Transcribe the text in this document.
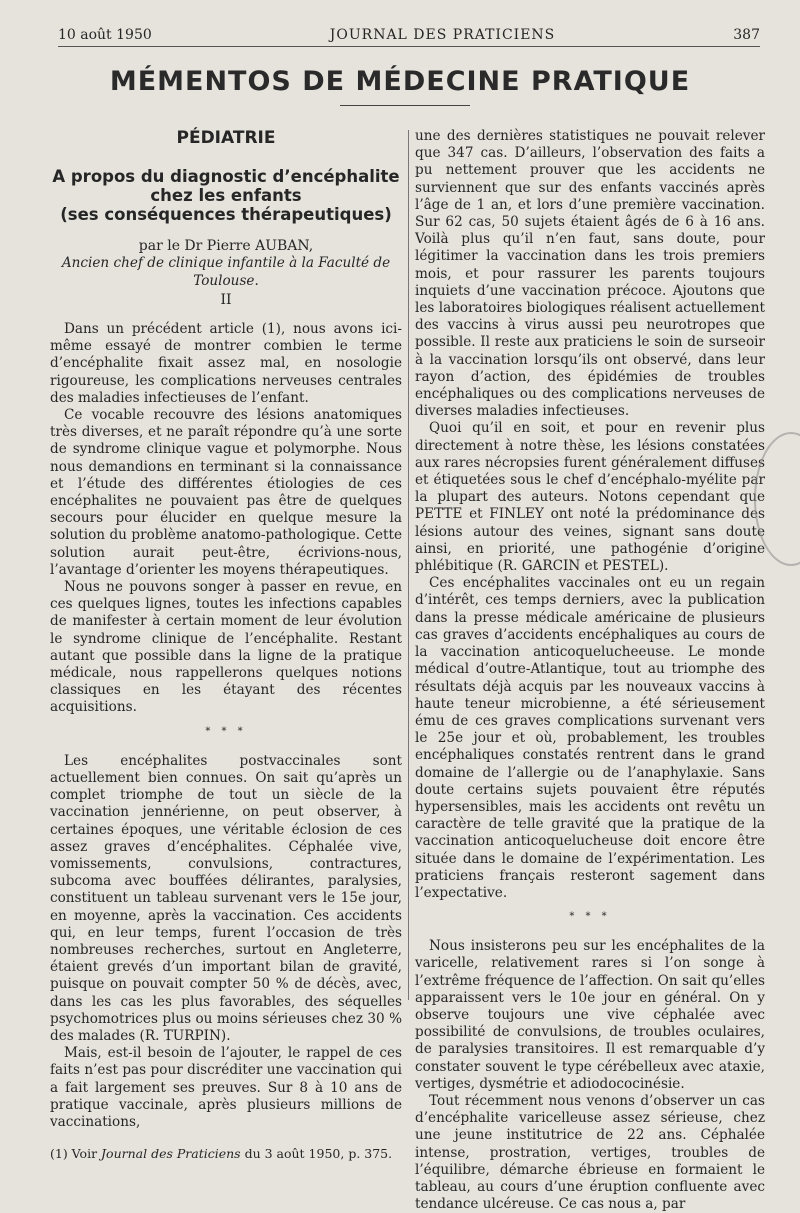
10 août 1950	JOURNAL DES PRATICIENS	387
MÉMENTOS DE MÉDECINE PRATIQUE
PÉDIATRIE
A propos du diagnostic d’encéphalite
chez les enfants
(ses conséquences thérapeutiques)

par le Dr Pierre AUBAN,

Ancien chef de clinique infantile à la Faculté de Toulouse.

II

Dans un précédent article (1), nous avons ici-même essayé de montrer combien le terme d’encéphalite fixait assez mal, en nosologie rigoureuse, les complications nerveuses centrales des maladies infectieuses de l’enfant.

Ce vocable recouvre des lésions anatomiques très diverses, et ne paraît répondre qu’à une sorte de syndrome clinique vague et polymorphe. Nous nous demandions en terminant si la connaissance et l’étude des différentes étiologies de ces encéphalites ne pouvaient pas être de quelques secours pour élucider en quelque mesure la solution du problème anatomo-pathologique. Cette solution aurait peut-être, écrivions-nous, l’avantage d’orienter les moyens thérapeutiques.

Nous ne pouvons songer à passer en revue, en ces quelques lignes, toutes les infections capables de manifester à certain moment de leur évolution le syndrome clinique de l’encéphalite. Restant autant que possible dans la ligne de la pratique médicale, nous rappellerons quelques notions classiques en les étayant des récentes acquisitions.

* * *

Les encéphalites postvaccinales sont actuellement bien connues. On sait qu’après un complet triomphe de tout un siècle de la vaccination jennérienne, on peut observer, à certaines époques, une véritable éclosion de ces assez graves d’encéphalites. Céphalée vive, vomissements, convulsions, contractures, subcoma avec bouffées délirantes, paralysies, constituent un tableau survenant vers le 15e jour, en moyenne, après la vaccination. Ces accidents qui, en leur temps, furent l’occasion de très nombreuses recherches, surtout en Angleterre, étaient grevés d’un important bilan de gravité, puisque on pouvait compter 50 % de décès, avec, dans les cas les plus favorables, des séquelles psychomotrices plus ou moins sérieuses chez 30 % des malades (R. TURPIN).

Mais, est-il besoin de l’ajouter, le rappel de ces faits n’est pas pour discréditer une vaccination qui a fait largement ses preuves. Sur 8 à 10 ans de pratique vaccinale, après plusieurs millions de vaccinations,

(1) Voir Journal des Praticiens du 3 août 1950, p. 375.

une des dernières statistiques ne pouvait relever que 347 cas. D’ailleurs, l’observation des faits a pu nettement prouver que les accidents ne surviennent que sur des enfants vaccinés après l’âge de 1 an, et lors d’une première vaccination. Sur 62 cas, 50 sujets étaient âgés de 6 à 16 ans. Voilà plus qu’il n’en faut, sans doute, pour légitimer la vaccination dans les trois premiers mois, et pour rassurer les parents toujours inquiets d’une vaccination précoce. Ajoutons que les laboratoires biologiques réalisent actuellement des vaccins à virus aussi peu neurotropes que possible. Il reste aux praticiens le soin de surseoir à la vaccination lorsqu’ils ont observé, dans leur rayon d’action, des épidémies de troubles encéphaliques ou des complications nerveuses de diverses maladies infectieuses.

Quoi qu’il en soit, et pour en revenir plus directement à notre thèse, les lésions constatées aux rares nécropsies furent généralement diffuses et étiquetées sous le chef d’encéphalo-myélite par la plupart des auteurs. Notons cependant que PETTE et FINLEY ont noté la prédominance des lésions autour des veines, signant sans doute ainsi, en priorité, une pathogénie d’origine phlébitique (R. GARCIN et PESTEL).

Ces encéphalites vaccinales ont eu un regain d’intérêt, ces temps derniers, avec la publication dans la presse médicale américaine de plusieurs cas graves d’accidents encéphaliques au cours de la vaccination anticoquelucheeuse. Le monde médical d’outre-Atlantique, tout au triomphe des résultats déjà acquis par les nouveaux vaccins à haute teneur microbienne, a été sérieusement ému de ces graves complications survenant vers le 25e jour et où, probablement, les troubles encéphaliques constatés rentrent dans le grand domaine de l’allergie ou de l’anaphylaxie. Sans doute certains sujets pouvaient être réputés hypersensibles, mais les accidents ont revêtu un caractère de telle gravité que la pratique de la vaccination anticoquelucheuse doit encore être située dans le domaine de l’expérimentation. Les praticiens français resteront sagement dans l’expectative.

* * *

Nous insisterons peu sur les encéphalites de la varicelle, relativement rares si l’on songe à l’extrême fréquence de l’affection. On sait qu’elles apparaissent vers le 10e jour en général. On y observe toujours une vive céphalée avec possibilité de convulsions, de troubles oculaires, de paralysies transitoires. Il est remarquable d’y constater souvent le type cérébelleux avec ataxie, vertiges, dysmétrie et adiodococinésie.

Tout récemment nous venons d’observer un cas d’encéphalite varicelleuse assez sérieuse, chez une jeune institutrice de 22 ans. Céphalée intense, prostration, vertiges, troubles de l’équilibre, démarche ébrieuse en formaient le tableau, au cours d’une éruption confluente avec tendance ulcéreuse. Ce cas nous a, par
